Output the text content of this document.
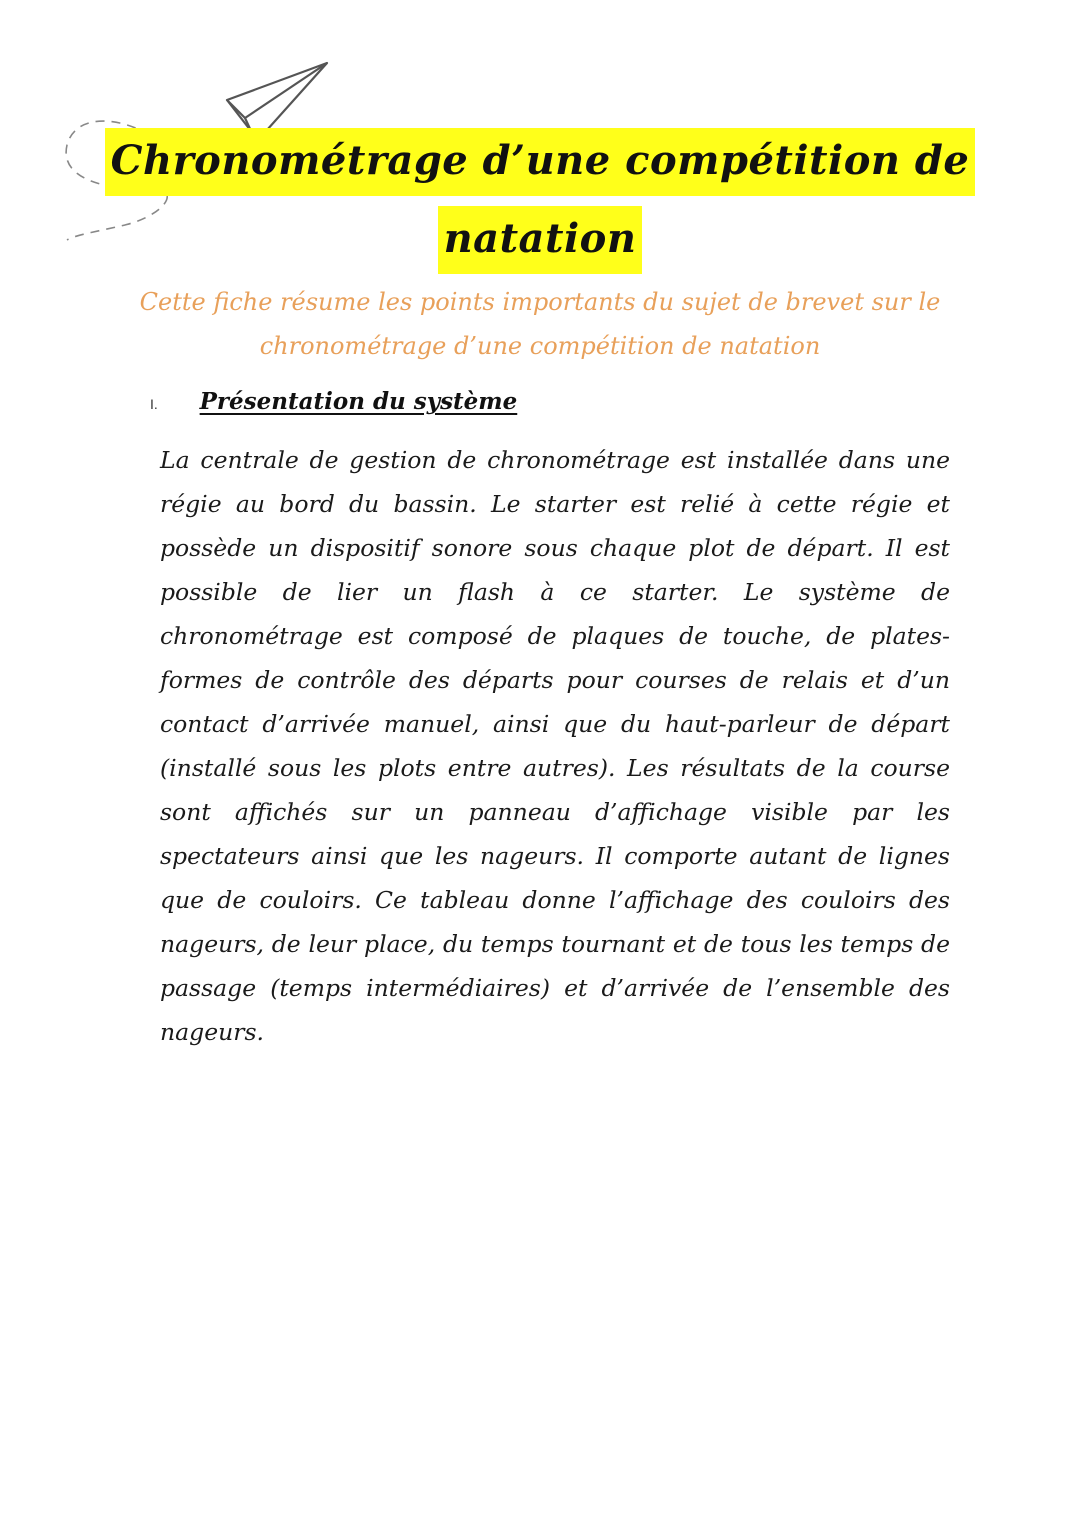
Chronométrage d’une compétition de
natation
Cette fiche résume les points importants du sujet de brevet sur le chronométrage d’une compétition de natation
I. Présentation du système
La centrale de gestion de chronométrage est installée dans une régie au bord du bassin. Le starter est relié à cette régie et possède un dispositif sonore sous chaque plot de départ. Il est possible de lier un flash à ce starter. Le système de chronométrage est composé de plaques de touche, de plates-formes de contrôle des départs pour courses de relais et d’un contact d’arrivée manuel, ainsi que du haut-parleur de départ (installé sous les plots entre autres). Les résultats de la course sont affichés sur un panneau d’affichage visible par les spectateurs ainsi que les nageurs. Il comporte autant de lignes que de couloirs. Ce tableau donne l’affichage des couloirs des nageurs, de leur place, du temps tournant et de tous les temps de passage (temps intermédiaires) et d’arrivée de l’ensemble des nageurs.
